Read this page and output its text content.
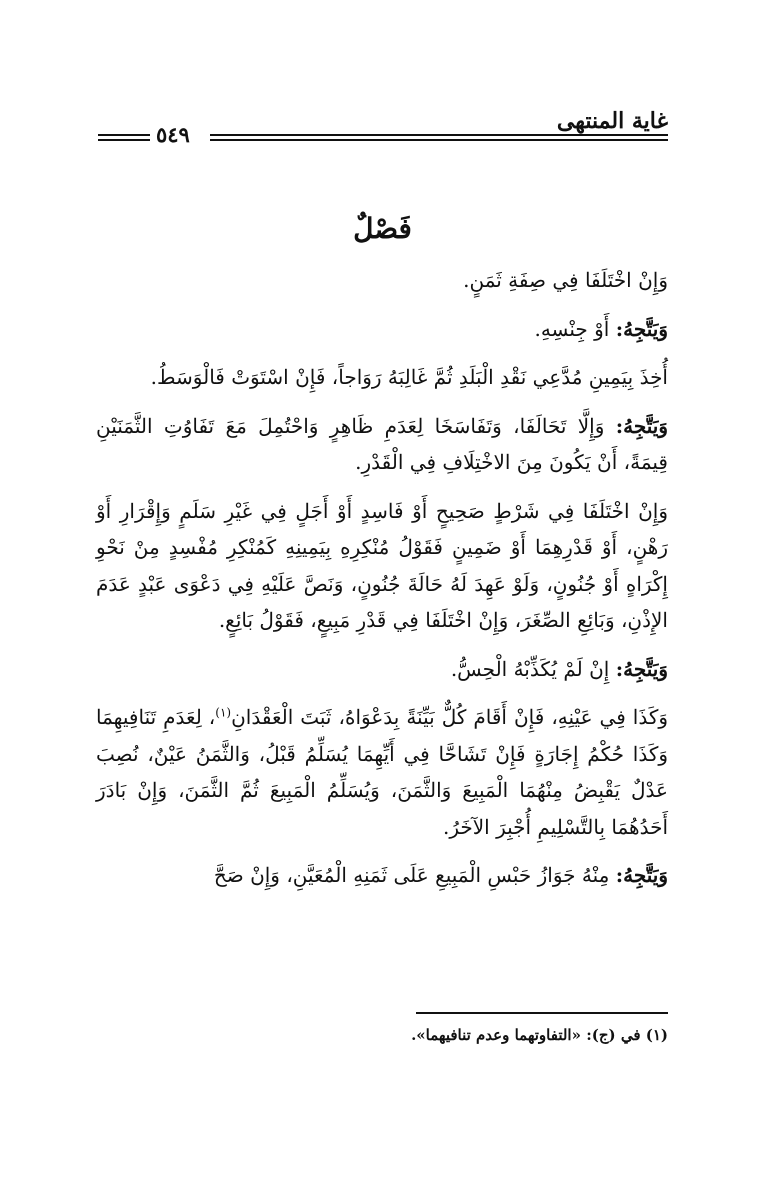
غاية المنتهى
٥٤٩
فَصْلٌ

وَإِنْ اخْتَلَفَا فِي صِفَةِ ثَمَنٍ.

وَيَتَّجِهُ: أَوْ جِنْسِهِ.

أُخِذَ بِيَمِينِ مُدَّعِي نَقْدِ الْبَلَدِ ثُمَّ غَالِبَهُ رَوَاجاً، فَإِنْ اسْتَوَتْ فَالْوَسَطُ.

وَيَتَّجِهُ: وَإِلَّا تَحَالَفَا، وَتَفَاسَخَا لِعَدَمِ ظَاهِرٍ وَاحْتُمِلَ مَعَ تَفَاوُتِ الثَّمَنَيْنِ قِيمَةً، أَنْ يَكُونَ مِنَ الاخْتِلَافِ فِي الْقَدْرِ.

وَإِنْ اخْتَلَفَا فِي شَرْطٍ صَحِيحٍ أَوْ فَاسِدٍ أَوْ أَجَلٍ فِي غَيْرِ سَلَمٍ وَإِقْرَارِ أَوْ رَهْنٍ، أَوْ قَدْرِهِمَا أَوْ ضَمِينٍ فَقَوْلُ مُنْكِرِهِ بِيَمِينِهِ كَمُنْكِرِ مُفْسِدٍ مِنْ نَحْوِ إِكْرَاهٍ أَوْ جُنُونٍ، وَلَوْ عَهِدَ لَهُ حَالَةَ جُنُونٍ، وَنَصَّ عَلَيْهِ فِي دَعْوَى عَبْدٍ عَدَمَ الإِذْنِ، وَبَائِعِ الصِّغَرَ، وَإِنْ اخْتَلَفَا فِي قَدْرِ مَبِيعٍ، فَقَوْلُ بَائِعٍ.

وَيَتَّجِهُ: إِنْ لَمْ يُكَذِّبْهُ الْحِسُّ.

وَكَذَا فِي عَيْنِهِ، فَإِنْ أَقَامَ كُلٌّ بَيِّنَةً بِدَعْوَاهُ، ثَبَتَ الْعَقْدَانِ$^{(١)}$، لِعَدَمِ تَنَافِيهِمَا وَكَذَا حُكْمُ إِجَارَةٍ فَإِنْ تَشَاحَّا فِي أَيِّهِمَا يُسَلِّمُ قَبْلُ، وَالثَّمَنُ عَيْنٌ، نُصِبَ عَدْلٌ يَقْبِضُ مِنْهُمَا الْمَبِيعَ وَالثَّمَنَ، وَيُسَلِّمُ الْمَبِيعَ ثُمَّ الثَّمَنَ، وَإِنْ بَادَرَ أَحَدُهُمَا بِالتَّسْلِيمِ أُجْبِرَ الآخَرُ.

وَيَتَّجِهُ: مِنْهُ جَوَازُ حَبْسِ الْمَبِيعِ عَلَى ثَمَنِهِ الْمُعَيَّنِ، وَإِنْ صَحَّ

(١) في (ج): «التفاوتهما وعدم تنافيهما».
